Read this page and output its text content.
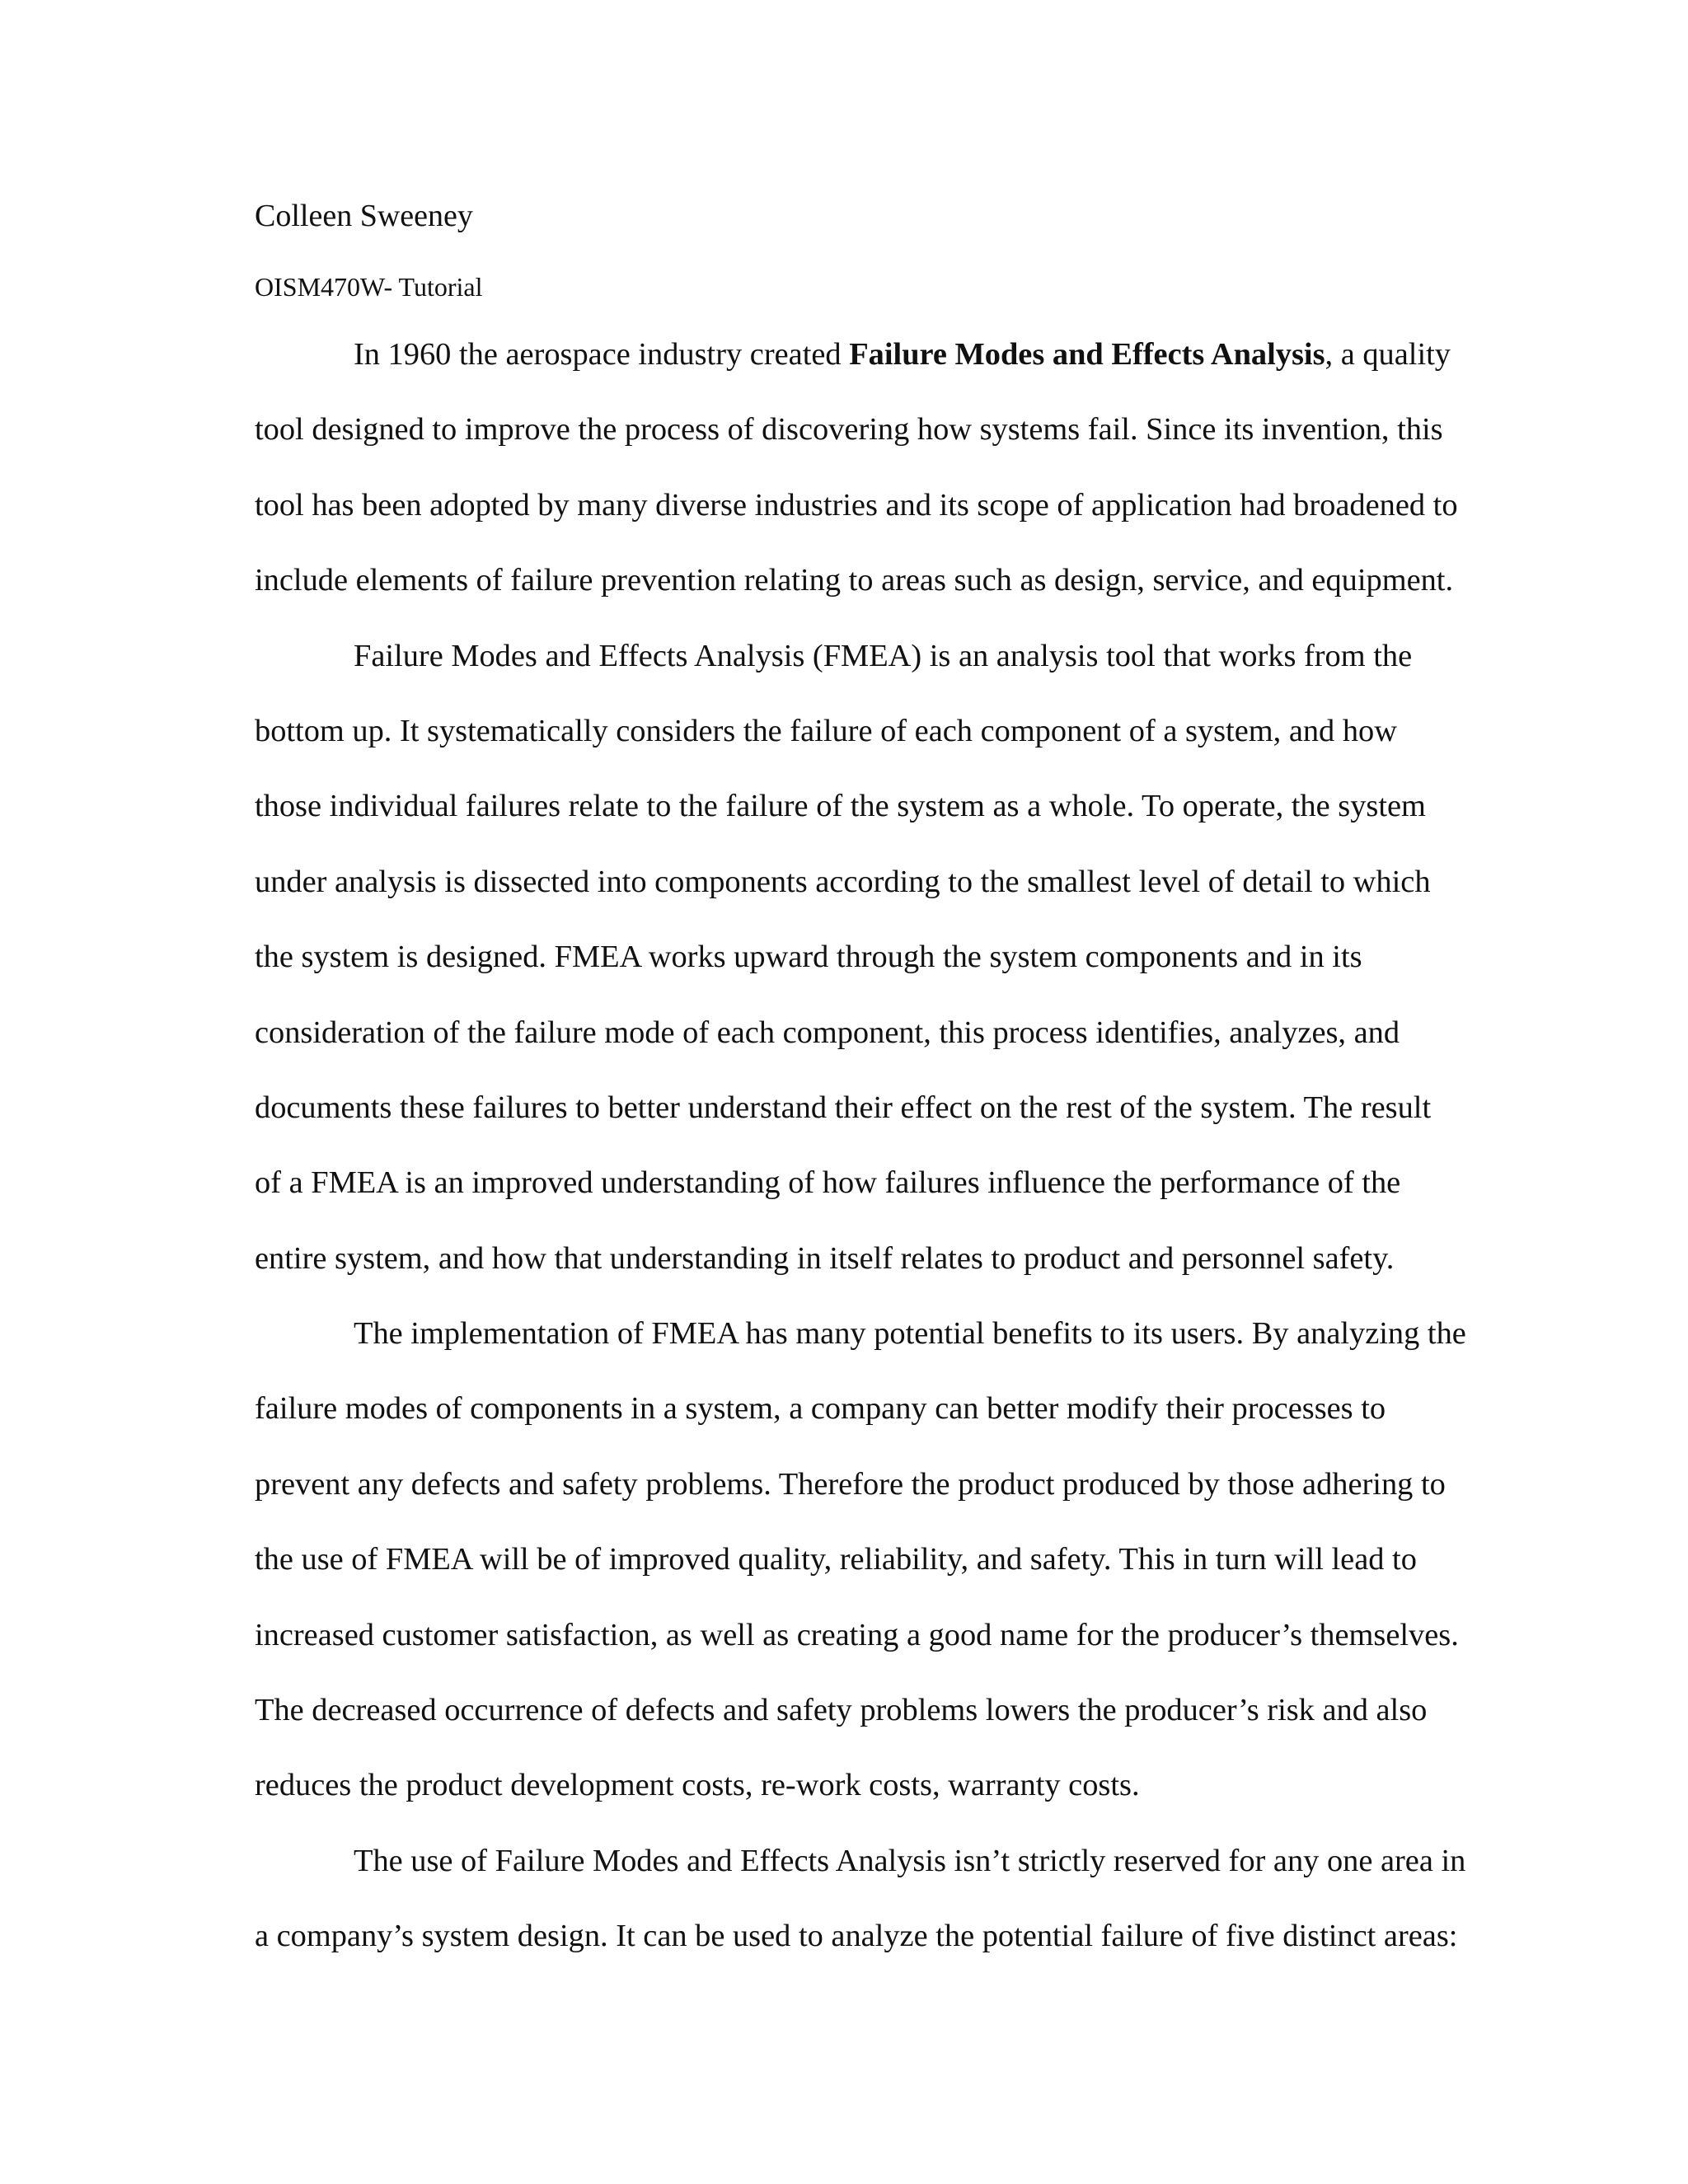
Colleen Sweeney
OISM470W- Tutorial
In 1960 the aerospace industry created Failure Modes and Effects Analysis, a quality
tool designed to improve the process of discovering how systems fail. Since its invention, this
tool has been adopted by many diverse industries and its scope of application had broadened to
include elements of failure prevention relating to areas such as design, service, and equipment.
Failure Modes and Effects Analysis (FMEA) is an analysis tool that works from the
bottom up. It systematically considers the failure of each component of a system, and how
those individual failures relate to the failure of the system as a whole. To operate, the system
under analysis is dissected into components according to the smallest level of detail to which
the system is designed. FMEA works upward through the system components and in its
consideration of the failure mode of each component, this process identifies, analyzes, and
documents these failures to better understand their effect on the rest of the system. The result
of a FMEA is an improved understanding of how failures influence the performance of the
entire system, and how that understanding in itself relates to product and personnel safety.
The implementation of FMEA has many potential benefits to its users. By analyzing the
failure modes of components in a system, a company can better modify their processes to
prevent any defects and safety problems. Therefore the product produced by those adhering to
the use of FMEA will be of improved quality, reliability, and safety. This in turn will lead to
increased customer satisfaction, as well as creating a good name for the producer’s themselves.
The decreased occurrence of defects and safety problems lowers the producer’s risk and also
reduces the product development costs, re-work costs, warranty costs.
The use of Failure Modes and Effects Analysis isn’t strictly reserved for any one area in
a company’s system design. It can be used to analyze the potential failure of five distinct areas:
